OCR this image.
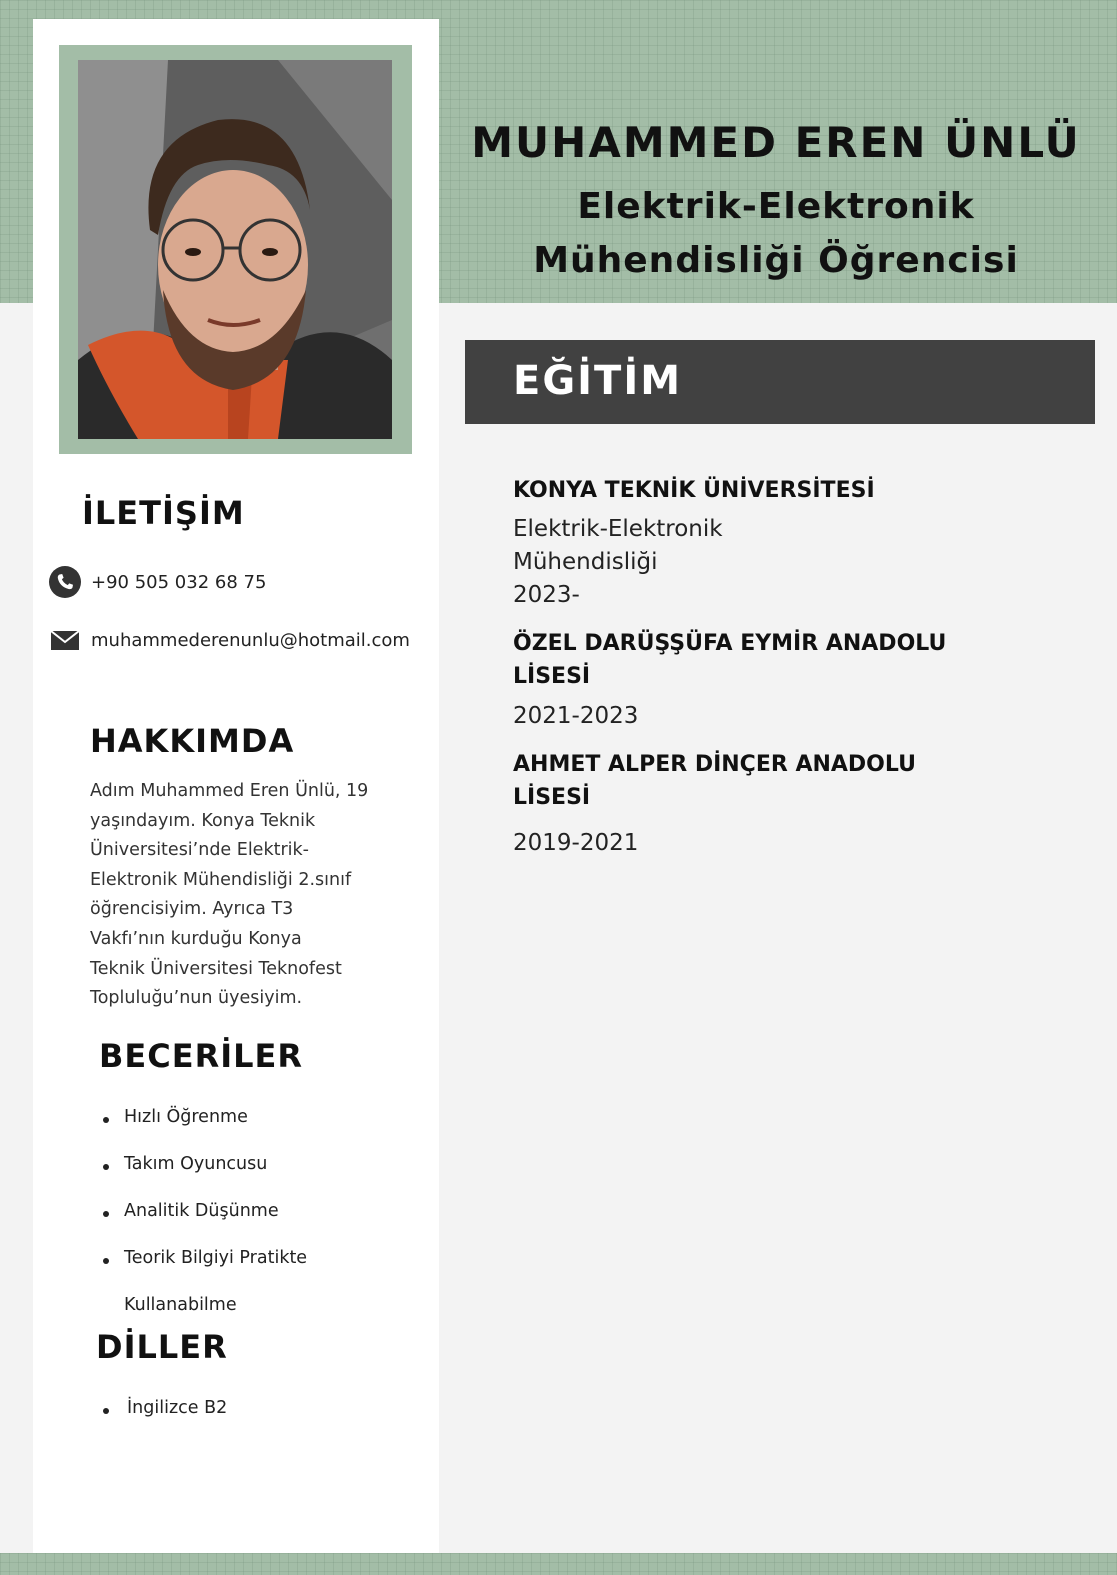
İLETİŞİM
+90 505 032 68 75
muhammederenunlu@hotmail.com
HAKKIMDA
Adım Muhammed Eren Ünlü, 19
yaşındayım. Konya Teknik
Üniversitesi’nde Elektrik-
Elektronik Mühendisliği 2.sınıf
öğrencisiyim. Ayrıca T3
Vakfı’nın kurduğu Konya
Teknik Üniversitesi Teknofest
Topluluğu’nun üyesiyim.
BECERİLER
Hızlı Öğrenme
Takım Oyuncusu
Analitik Düşünme
Teorik Bilgiyi Pratikte
Kullanabilme
DİLLER
İngilizce B2
MUHAMMED EREN ÜNLÜ
Elektrik-Elektronik
Mühendisliği Öğrencisi
EĞİTİM
KONYA TEKNİK ÜNİVERSİTESİ
Elektrik-Elektronik
Mühendisliği
2023-
ÖZEL DARÜŞŞÜFA EYMİR ANADOLU
LİSESİ
2021-2023
AHMET ALPER DİNÇER ANADOLU
LİSESİ
2019-2021
